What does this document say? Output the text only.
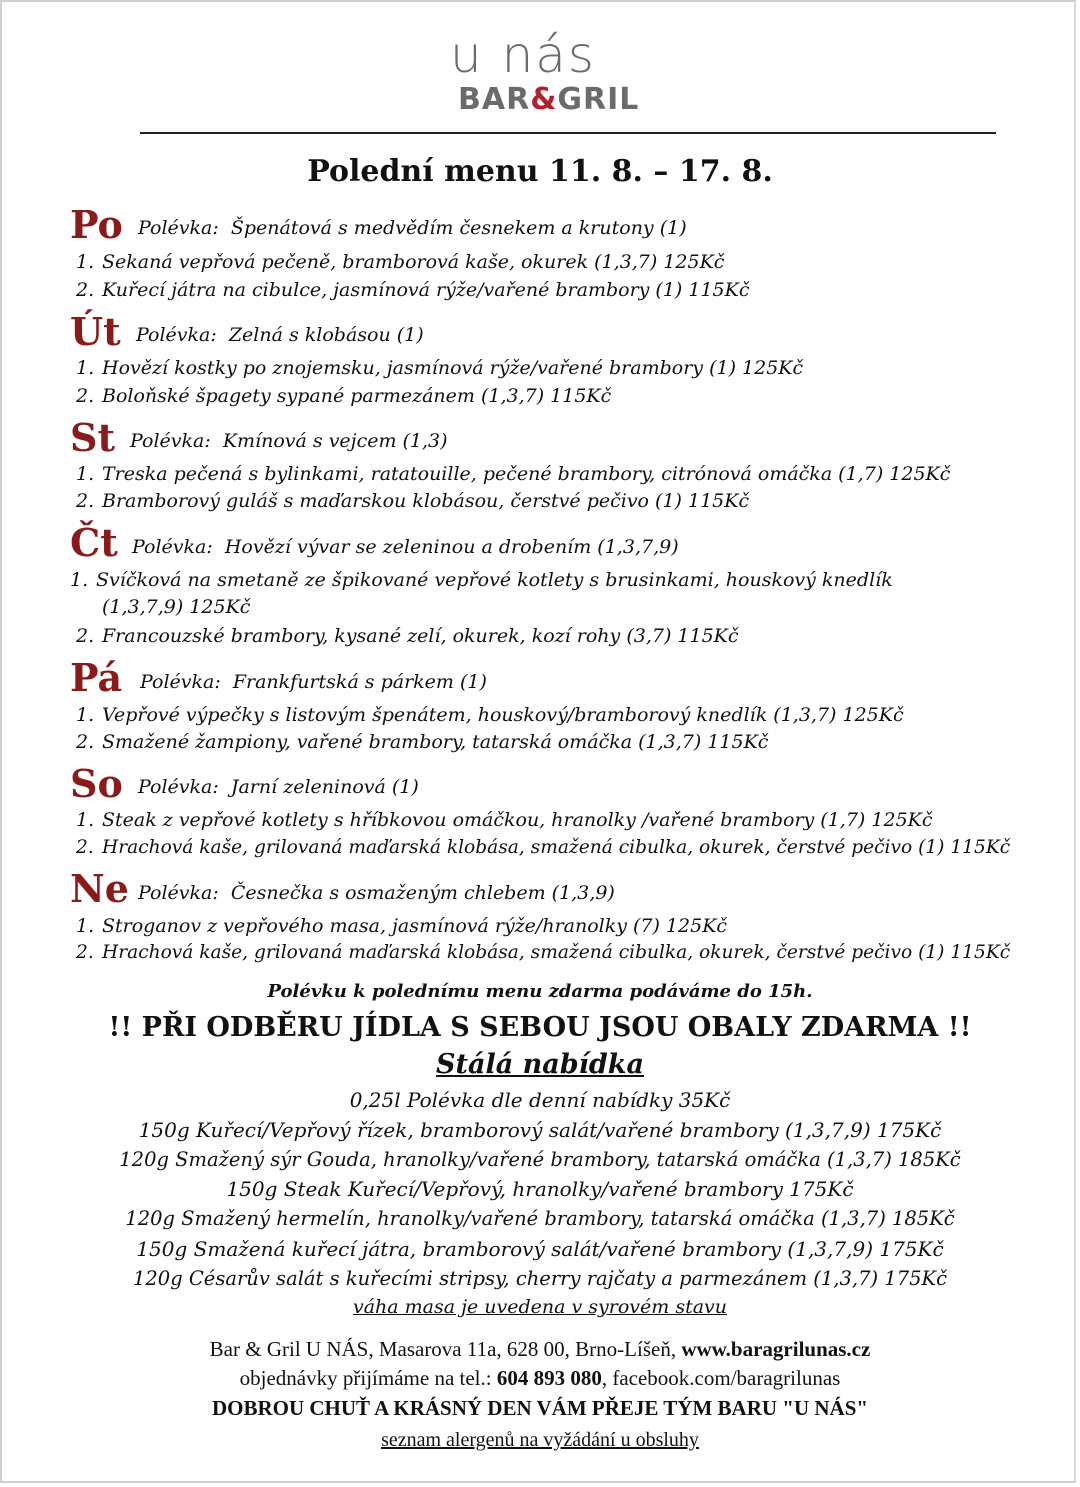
u nás
BAR&GRIL
Polední menu 11. 8. – 17. 8.
Po Polévka: Špenátová s medvědím česnekem a krutony (1)
1. Sekaná vepřová pečeně, bramborová kaše, okurek (1,3,7) 125Kč
2. Kuřecí játra na cibulce, jasmínová rýže/vařené brambory (1) 115Kč
Út Polévka: Zelná s klobásou (1)
1. Hovězí kostky po znojemsku, jasmínová rýže/vařené brambory (1) 125Kč
2. Boloňské špagety sypané parmezánem (1,3,7) 115Kč
St Polévka: Kmínová s vejcem (1,3)
1. Treska pečená s bylinkami, ratatouille, pečené brambory, citrónová omáčka (1,7) 125Kč
2. Bramborový guláš s maďarskou klobásou, čerstvé pečivo (1) 115Kč
Čt Polévka: Hovězí vývar se zeleninou a drobením (1,3,7,9)
1. Svíčková na smetaně ze špikované vepřové kotlety s brusinkami, houskový knedlík
(1,3,7,9) 125Kč
2. Francouzské brambory, kysané zelí, okurek, kozí rohy (3,7) 115Kč
Pá Polévka: Frankfurtská s párkem (1)
1. Vepřové výpečky s listovým špenátem, houskový/bramborový knedlík (1,3,7) 125Kč
2. Smažené žampiony, vařené brambory, tatarská omáčka (1,3,7) 115Kč
So Polévka: Jarní zeleninová (1)
1. Steak z vepřové kotlety s hříbkovou omáčkou, hranolky /vařené brambory (1,7) 125Kč
2. Hrachová kaše, grilovaná maďarská klobása, smažená cibulka, okurek, čerstvé pečivo (1) 115Kč
Ne Polévka: Česnečka s osmaženým chlebem (1,3,9)
1. Stroganov z vepřového masa, jasmínová rýže/hranolky (7) 125Kč
2. Hrachová kaše, grilovaná maďarská klobása, smažená cibulka, okurek, čerstvé pečivo (1) 115Kč
Polévku k polednímu menu zdarma podáváme do 15h.
!! PŘI ODBĚRU JÍDLA S SEBOU JSOU OBALY ZDARMA !!
Stálá nabídka
0,25l Polévka dle denní nabídky 35Kč
150g Kuřecí/Vepřový řízek, bramborový salát/vařené brambory (1,3,7,9) 175Kč
120g Smažený sýr Gouda, hranolky/vařené brambory, tatarská omáčka (1,3,7) 185Kč
150g Steak Kuřecí/Vepřový, hranolky/vařené brambory 175Kč
120g Smažený hermelín, hranolky/vařené brambory, tatarská omáčka (1,3,7) 185Kč
150g Smažená kuřecí játra, bramborový salát/vařené brambory (1,3,7,9) 175Kč
120g Césarův salát s kuřecími stripsy, cherry rajčaty a parmezánem (1,3,7) 175Kč
váha masa je uvedena v syrovém stavu
Bar & Gril U NÁS, Masarova 11a, 628 00, Brno-Líšeň, www.baragrilunas.cz
objednávky přijímáme na tel.: 604 893 080, facebook.com/baragrilunas
DOBROU CHUŤ A KRÁSNÝ DEN VÁM PŘEJE TÝM BARU "U NÁS"
seznam alergenů na vyžádání u obsluhy
